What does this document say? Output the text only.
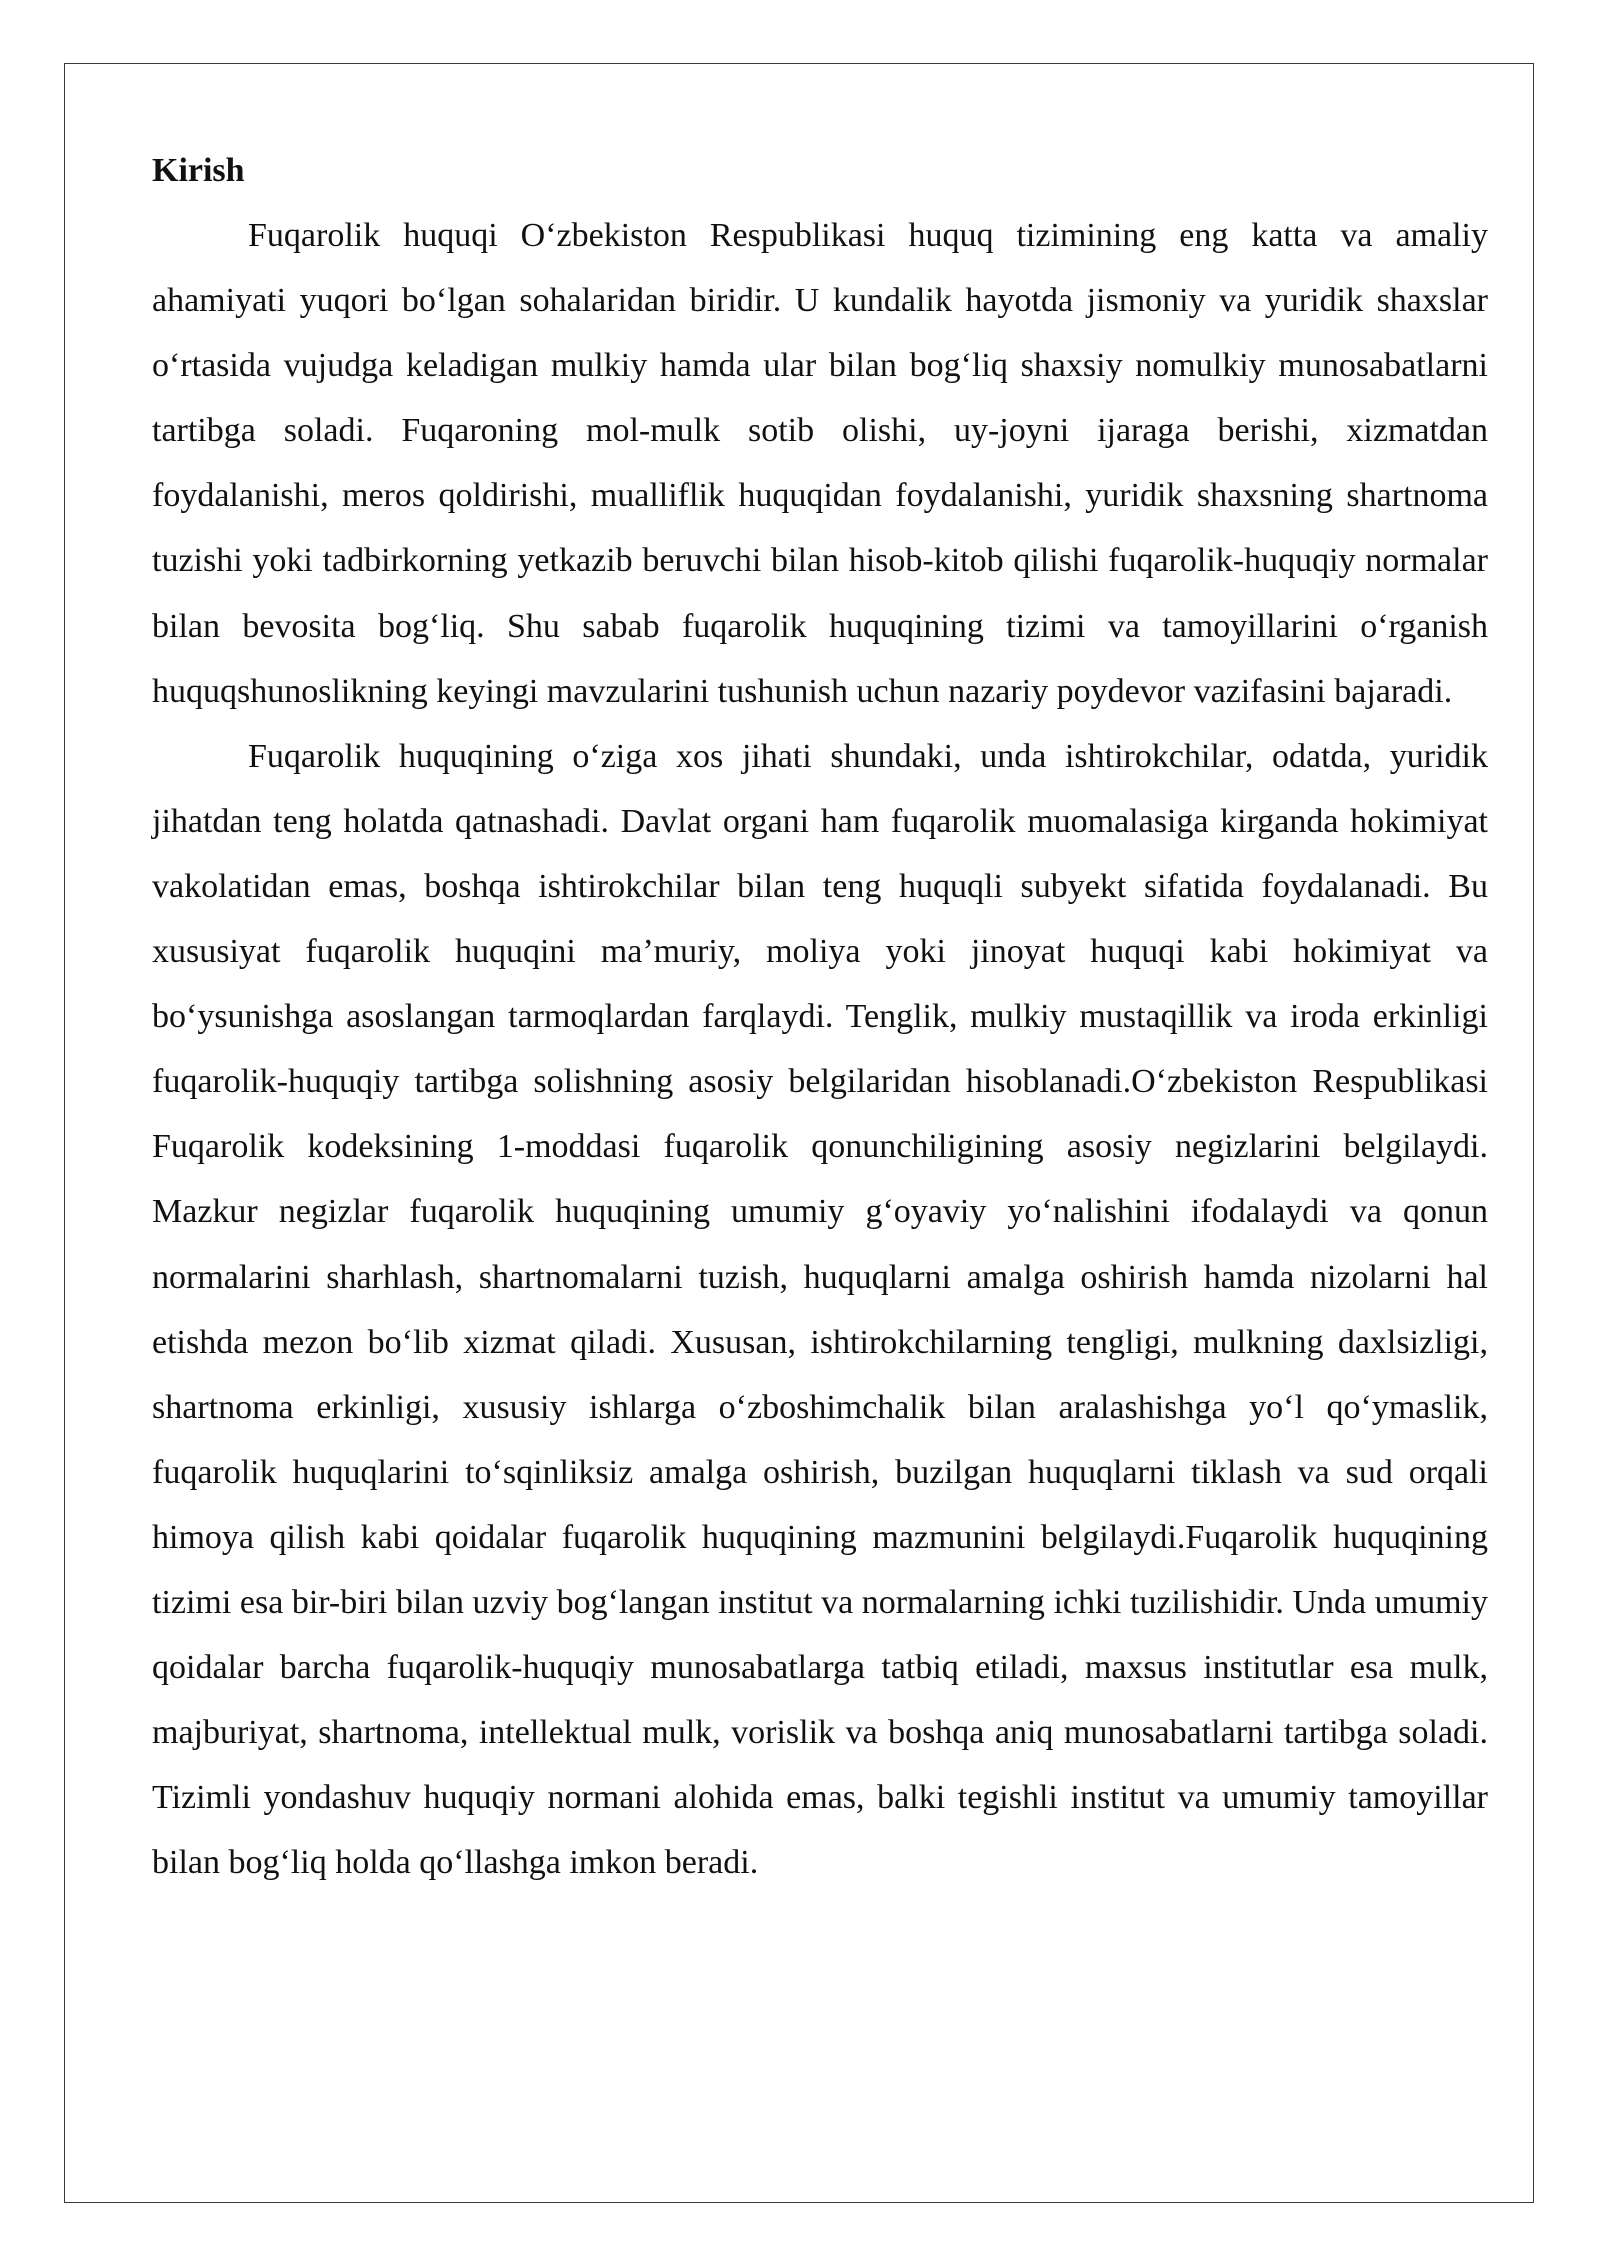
Kirish

Fuqarolik huquqi O‘zbekiston Respublikasi huquq tizimining eng katta va amaliy ahamiyati yuqori bo‘lgan sohalaridan biridir. U kundalik hayotda jismoniy va yuridik shaxslar o‘rtasida vujudga keladigan mulkiy hamda ular bilan bog‘liq shaxsiy nomulkiy munosabatlarni tartibga soladi. Fuqaroning mol-mulk sotib olishi, uy-joyni ijaraga berishi, xizmatdan foydalanishi, meros qoldirishi, mualliflik huquqidan foydalanishi, yuridik shaxsning shartnoma tuzishi yoki tadbirkorning yetkazib beruvchi bilan hisob-kitob qilishi fuqarolik-huquqiy normalar bilan bevosita bog‘liq. Shu sabab fuqarolik huquqining tizimi va tamoyillarini o‘rganish huquqshunoslikning keyingi mavzularini tushunish uchun nazariy poydevor vazifasini bajaradi.

Fuqarolik huquqining o‘ziga xos jihati shundaki, unda ishtirokchilar, odatda, yuridik jihatdan teng holatda qatnashadi. Davlat organi ham fuqarolik muomalasiga kirganda hokimiyat vakolatidan emas, boshqa ishtirokchilar bilan teng huquqli subyekt sifatida foydalanadi. Bu xususiyat fuqarolik huquqini ma’muriy, moliya yoki jinoyat huquqi kabi hokimiyat va bo‘ysunishga asoslangan tarmoqlardan farqlaydi. Tenglik, mulkiy mustaqillik va iroda erkinligi fuqarolik-huquqiy tartibga solishning asosiy belgilaridan hisoblanadi.O‘zbekiston Respublikasi Fuqarolik kodeksining 1-moddasi fuqarolik qonunchiligining asosiy negizlarini belgilaydi. Mazkur negizlar fuqarolik huquqining umumiy g‘oyaviy yo‘nalishini ifodalaydi va qonun normalarini sharhlash, shartnomalarni tuzish, huquqlarni amalga oshirish hamda nizolarni hal etishda mezon bo‘lib xizmat qiladi. Xususan, ishtirokchilarning tengligi, mulkning daxlsizligi, shartnoma erkinligi, xususiy ishlarga o‘zboshimchalik bilan aralashishga yo‘l qo‘ymaslik, fuqarolik huquqlarini to‘sqinliksiz amalga oshirish, buzilgan huquqlarni tiklash va sud orqali himoya qilish kabi qoidalar fuqarolik huquqining mazmunini belgilaydi.Fuqarolik huquqining tizimi esa bir-biri bilan uzviy bog‘langan institut va normalarning ichki tuzilishidir. Unda umumiy qoidalar barcha fuqarolik-huquqiy munosabatlarga tatbiq etiladi, maxsus institutlar esa mulk, majburiyat, shartnoma, intellektual mulk, vorislik va boshqa aniq munosabatlarni tartibga soladi. Tizimli yondashuv huquqiy normani alohida emas, balki tegishli institut va umumiy tamoyillar bilan bog‘liq holda qo‘llashga imkon beradi.
